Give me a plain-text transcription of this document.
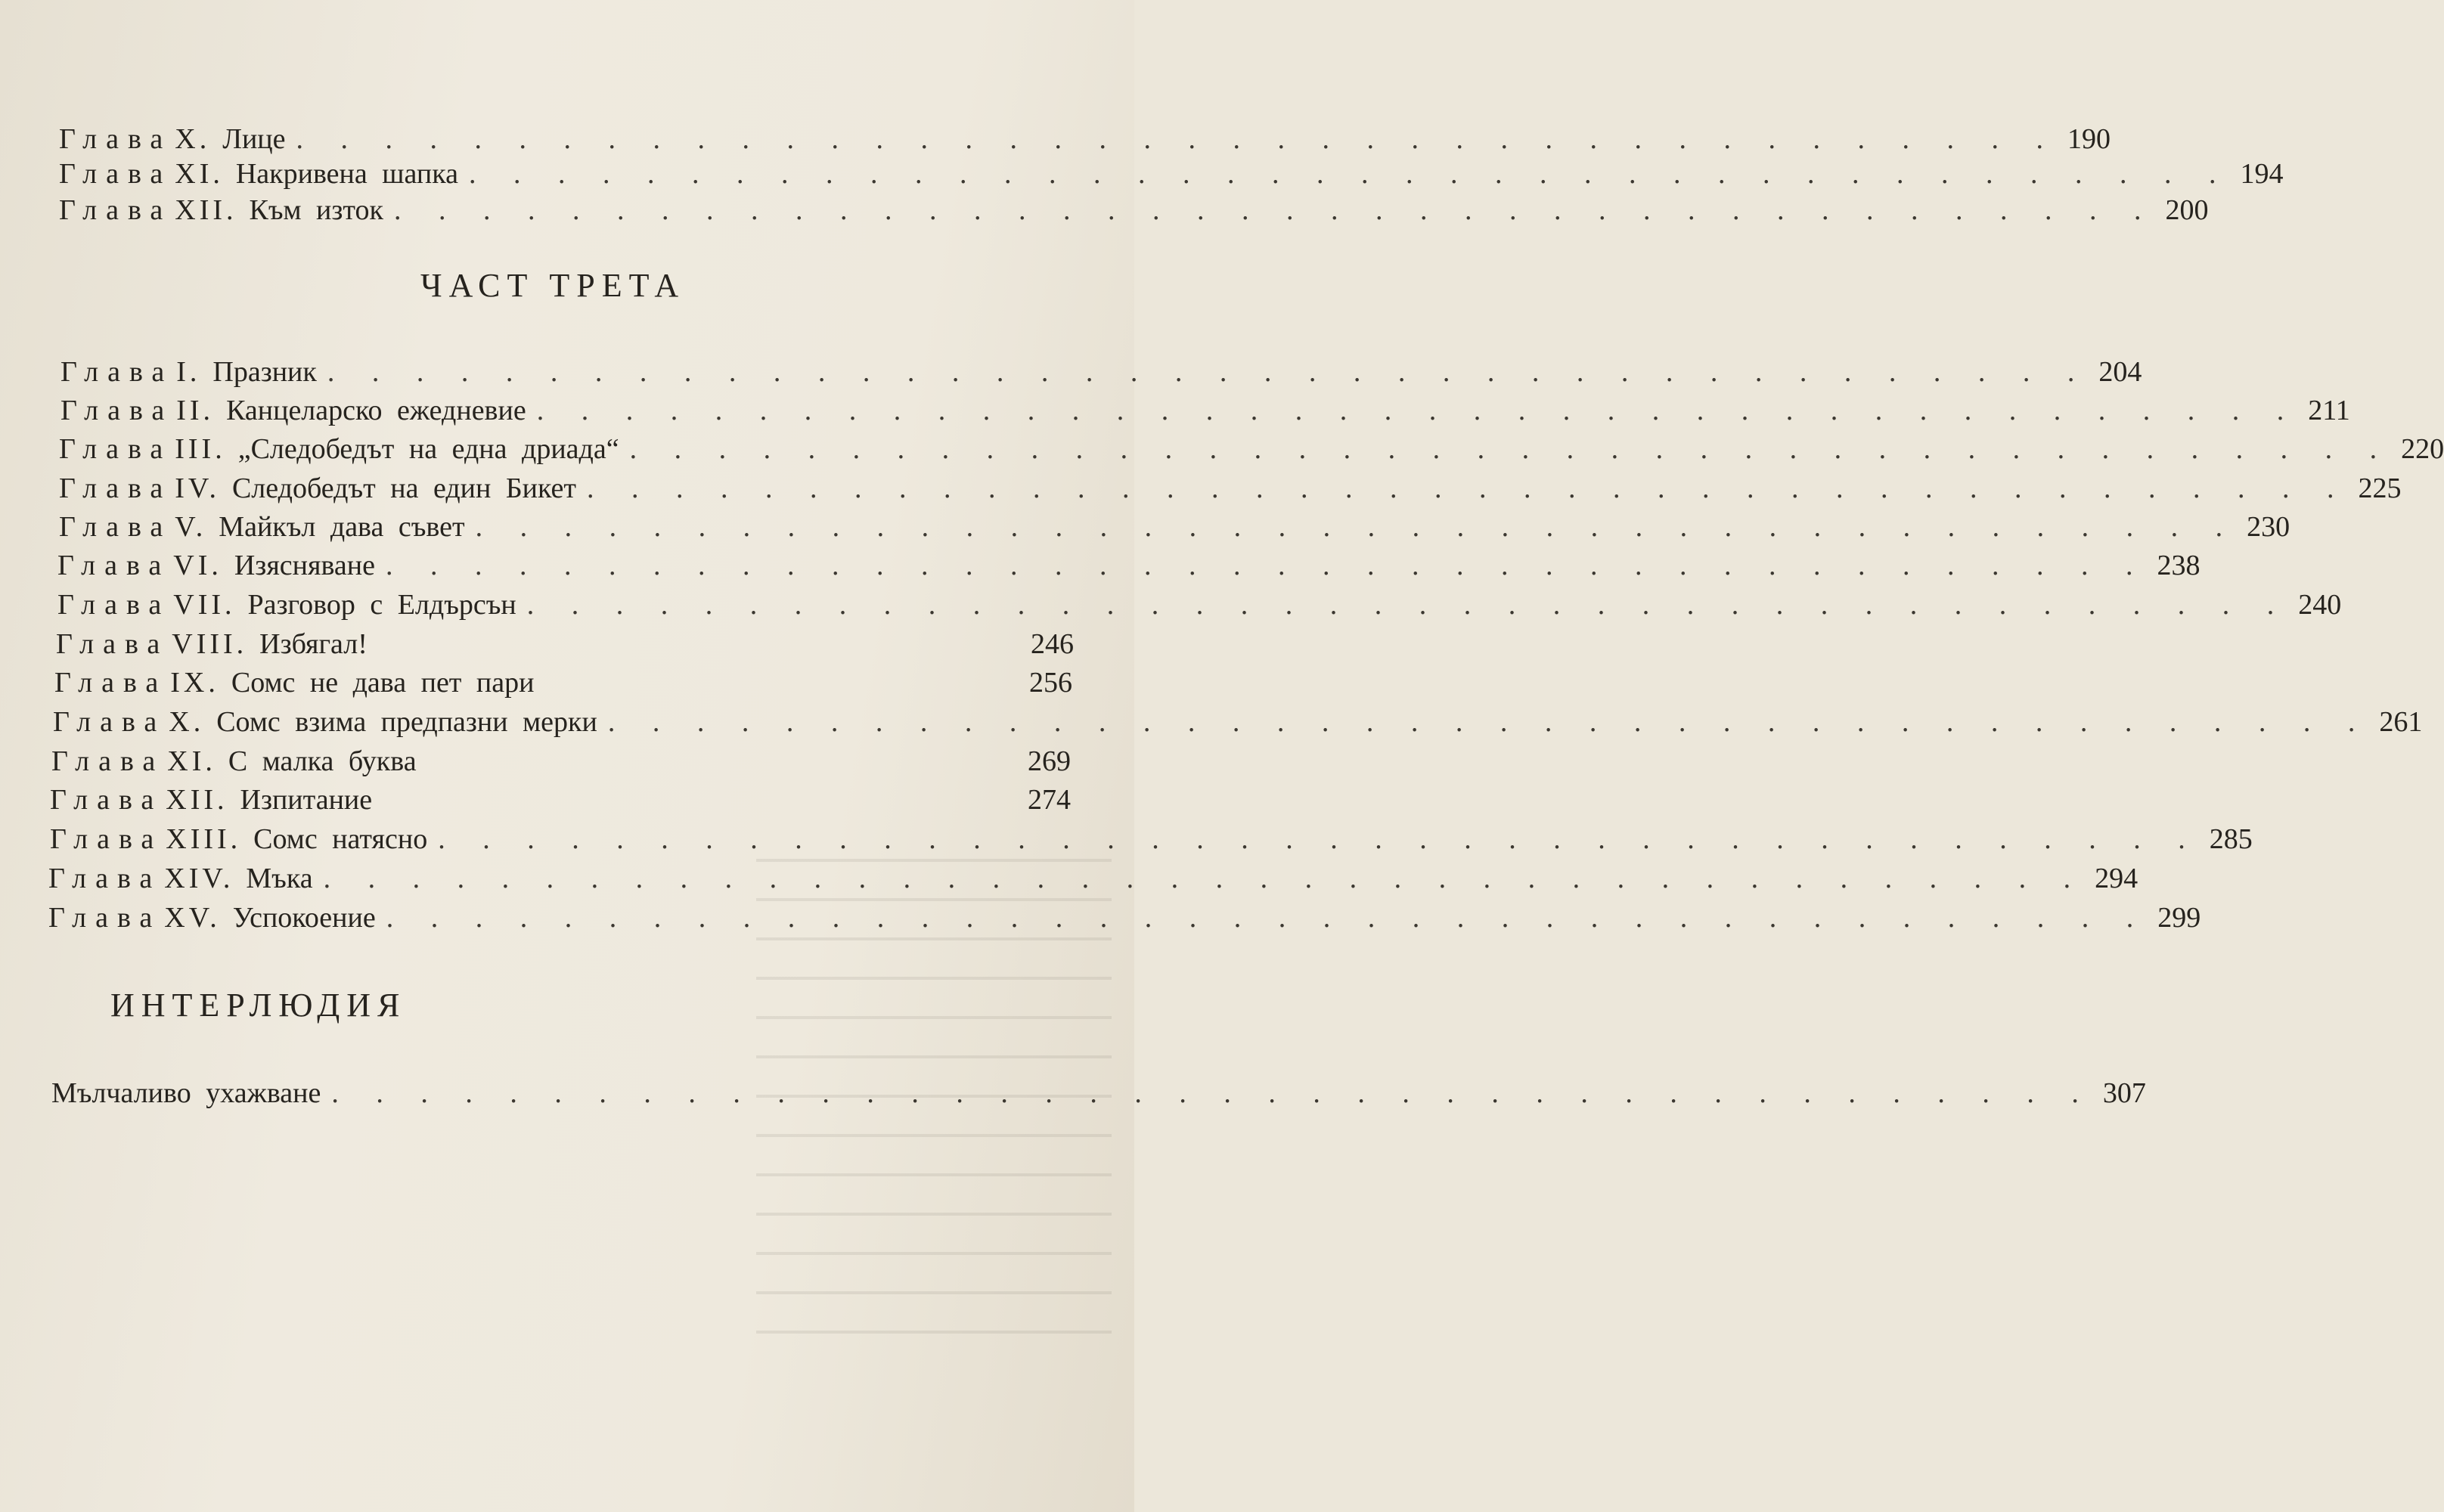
Глава X. Лице . . . . . . . . . . . . . . . . . . . . . . . . . . . . . . . . . . . . . . . . 190
Глава XI. Накривена шапка . . . . . . . . . . . . . . . . . . . . . . . . . . . . . . . . . . . . . . . . 194
Глава XII. Към изток . . . . . . . . . . . . . . . . . . . . . . . . . . . . . . . . . . . . . . . . 200
ЧАСТ ТРЕТА
Глава I. Празник . . . . . . . . . . . . . . . . . . . . . . . . . . . . . . . . . . . . . . . . 204
Глава II. Канцеларско ежедневие . . . . . . . . . . . . . . . . . . . . . . . . . . . . . . . . . . . . . . . . 211
Глава III. „Следобедът на една дриада“ . . . . . . . . . . . . . . . . . . . . . . . . . . . . . . . . . . . . . . . . 220
Глава IV. Следобедът на един Бикет . . . . . . . . . . . . . . . . . . . . . . . . . . . . . . . . . . . . . . . . 225
Глава V. Майкъл дава съвет . . . . . . . . . . . . . . . . . . . . . . . . . . . . . . . . . . . . . . . . 230
Глава VI. Изясняване . . . . . . . . . . . . . . . . . . . . . . . . . . . . . . . . . . . . . . . . 238
Глава VII. Разговор с Елдърсън . . . . . . . . . . . . . . . . . . . . . . . . . . . . . . . . . . . . . . . . 240
Глава VIII. Избягал!	246
Глава IX. Сомс не дава пет пари	256
Глава X. Сомс взима предпазни мерки . . . . . . . . . . . . . . . . . . . . . . . . . . . . . . . . . . . . . . . . 261
Глава XI. С малка буква	269
Глава XII. Изпитание	274
Глава XIII. Сомс натясно . . . . . . . . . . . . . . . . . . . . . . . . . . . . . . . . . . . . . . . . 285
Глава XIV. Мъка . . . . . . . . . . . . . . . . . . . . . . . . . . . . . . . . . . . . . . . . 294
Глава XV. Успокоение . . . . . . . . . . . . . . . . . . . . . . . . . . . . . . . . . . . . . . . . 299
ИНТЕРЛЮДИЯ
Мълчаливо ухажване . . . . . . . . . . . . . . . . . . . . . . . . . . . . . . . . . . . . . . . . 307
